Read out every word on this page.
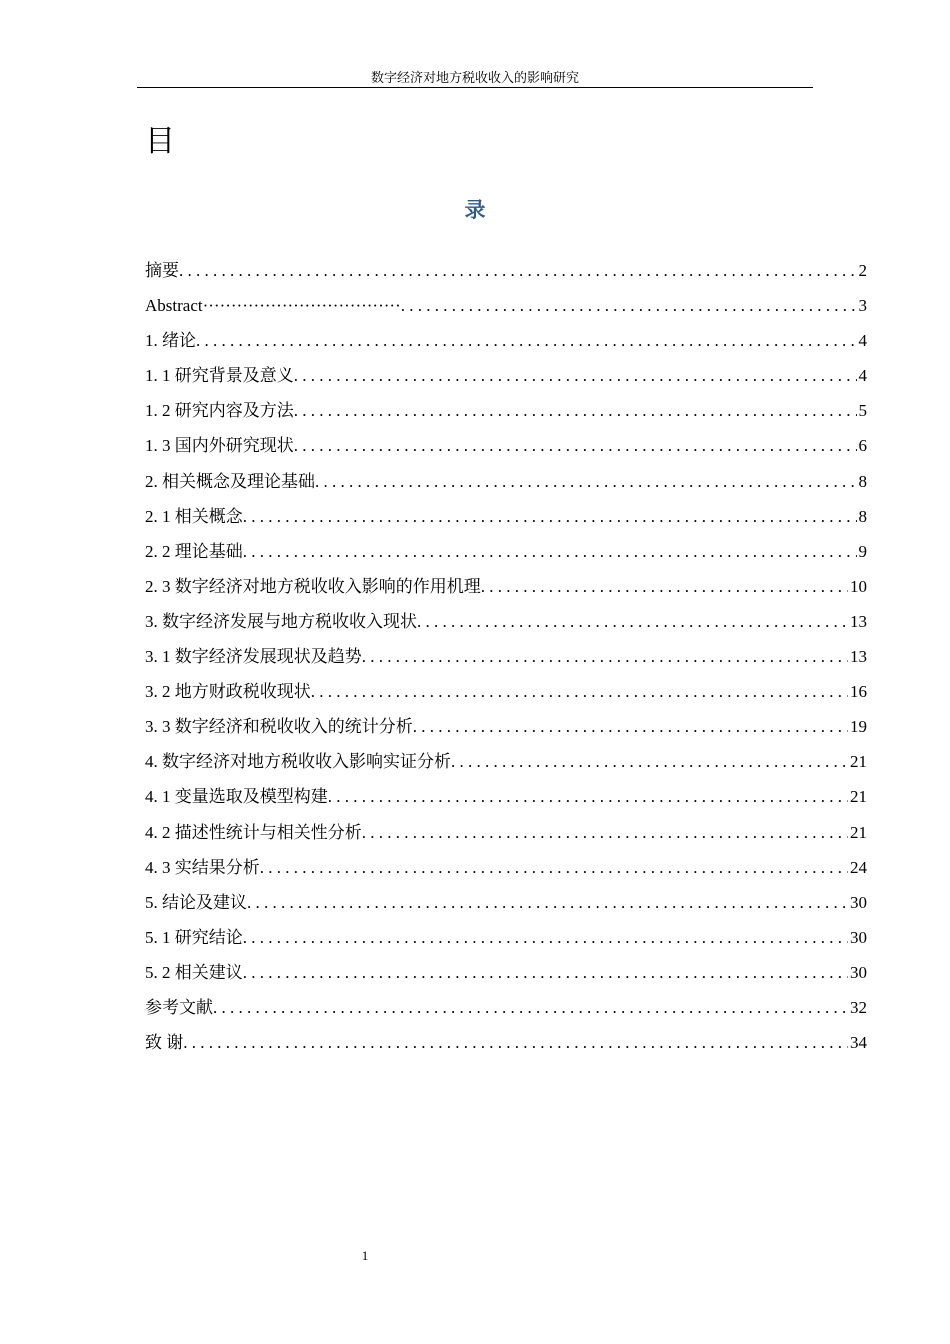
数字经济对地方税收收入的影响研究
目
录
摘要 . . .	2
Abstract··································· . . .	3
1. 绪论 . . .	4
1. 1 研究背景及意义 . . .	4
1. 2 研究内容及方法 . . .	5
1. 3 国内外研究现状 . . .	6
2. 相关概念及理论基础 . . .	8
2. 1 相关概念 . . .	8
2. 2 理论基础 . . .	9
2. 3 数字经济对地方税收收入影响的作用机理 . . .	10
3. 数字经济发展与地方税收收入现状 . . .	13
3. 1 数字经济发展现状及趋势 . . .	13
3. 2 地方财政税收现状 . . .	16
3. 3 数字经济和税收收入的统计分析 . . .	19
4. 数字经济对地方税收收入影响实证分析 . . .	21
4. 1 变量选取及模型构建 . . .	21
4. 2 描述性统计与相关性分析 . . .	21
4. 3 实结果分析 . . .	24
5. 结论及建议 . . .	30
5. 1 研究结论 . . .	30
5. 2 相关建议 . . .	30
参考文献 . . .	32
致 谢 . . .	34
1
